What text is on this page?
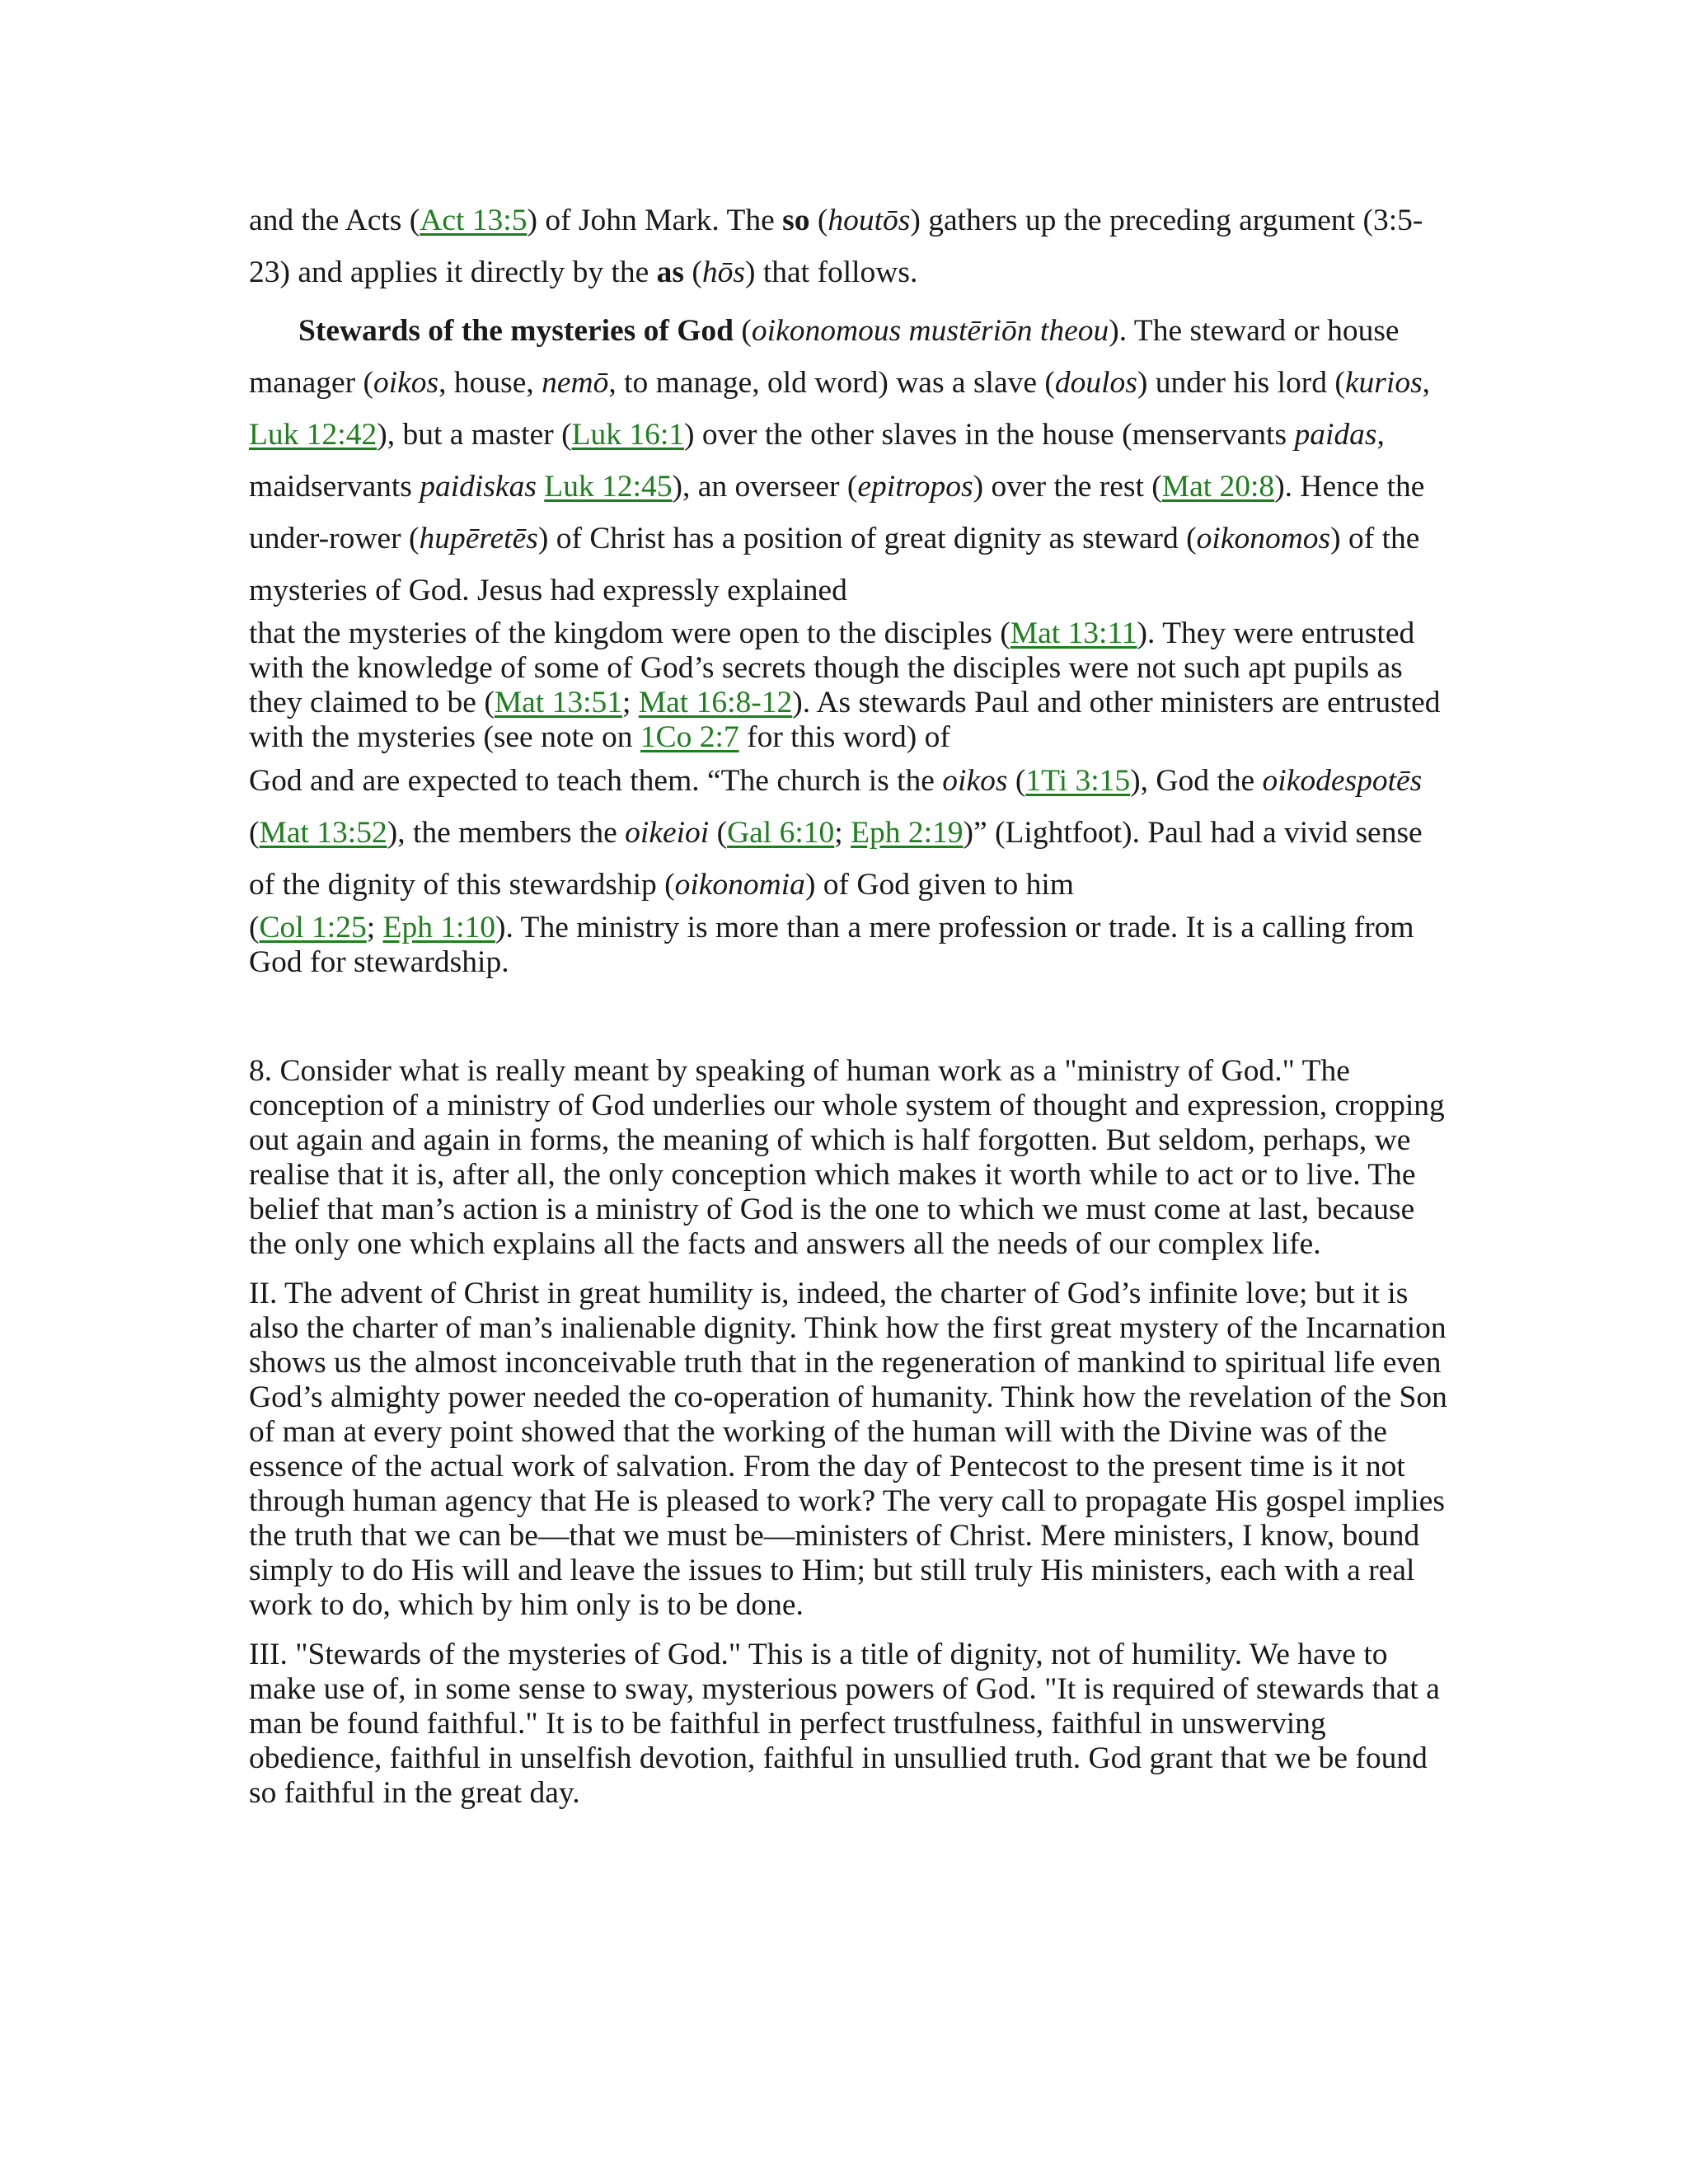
and the Acts (Act 13:5) of John Mark. The so (houtōs) gathers up the preceding argument (3:5-23) and applies it directly by the as (hōs) that follows.

Stewards of the mysteries of God (oikonomous mustēriōn theou). The steward or house manager (oikos, house, nemō, to manage, old word) was a slave (doulos) under his lord (kurios, Luk 12:42), but a master (Luk 16:1) over the other slaves in the house (menservants paidas, maidservants paidiskas Luk 12:45), an overseer (epitropos) over the rest (Mat 20:8). Hence the under-rower (hupēretēs) of Christ has a position of great dignity as steward (oikonomos) of the mysteries of God. Jesus had expressly explained

that the mysteries of the kingdom were open to the disciples (Mat 13:11). They were entrusted with the knowledge of some of God’s secrets though the disciples were not such apt pupils as they claimed to be (Mat 13:51; Mat 16:8-12). As stewards Paul and other ministers are entrusted with the mysteries (see note on 1Co 2:7 for this word) of

God and are expected to teach them. “The church is the oikos (1Ti 3:15), God the oikodespotēs (Mat 13:52), the members the oikeioi (Gal 6:10; Eph 2:19)” (Lightfoot). Paul had a vivid sense of the dignity of this stewardship (oikonomia) of God given to him

(Col 1:25; Eph 1:10). The ministry is more than a mere profession or trade. It is a calling from God for stewardship.

8. Consider what is really meant by speaking of human work as a "ministry of God." The conception of a ministry of God underlies our whole system of thought and expression, cropping out again and again in forms, the meaning of which is half forgotten. But seldom, perhaps, we realise that it is, after all, the only conception which makes it worth while to act or to live. The belief that man’s action is a ministry of God is the one to which we must come at last, because the only one which explains all the facts and answers all the needs of our complex life.

II. The advent of Christ in great humility is, indeed, the charter of God’s infinite love; but it is also the charter of man’s inalienable dignity. Think how the first great mystery of the Incarnation shows us the almost inconceivable truth that in the regeneration of mankind to spiritual life even God’s almighty power needed the co-operation of humanity. Think how the revelation of the Son of man at every point showed that the working of the human will with the Divine was of the essence of the actual work of salvation. From the day of Pentecost to the present time is it not through human agency that He is pleased to work? The very call to propagate His gospel implies the truth that we can be—that we must be—ministers of Christ. Mere ministers, I know, bound simply to do His will and leave the issues to Him; but still truly His ministers, each with a real work to do, which by him only is to be done.

III. "Stewards of the mysteries of God." This is a title of dignity, not of humility. We have to make use of, in some sense to sway, mysterious powers of God. "It is required of stewards that a man be found faithful." It is to be faithful in perfect trustfulness, faithful in unswerving obedience, faithful in unselfish devotion, faithful in unsullied truth. God grant that we be found so faithful in the great day.
